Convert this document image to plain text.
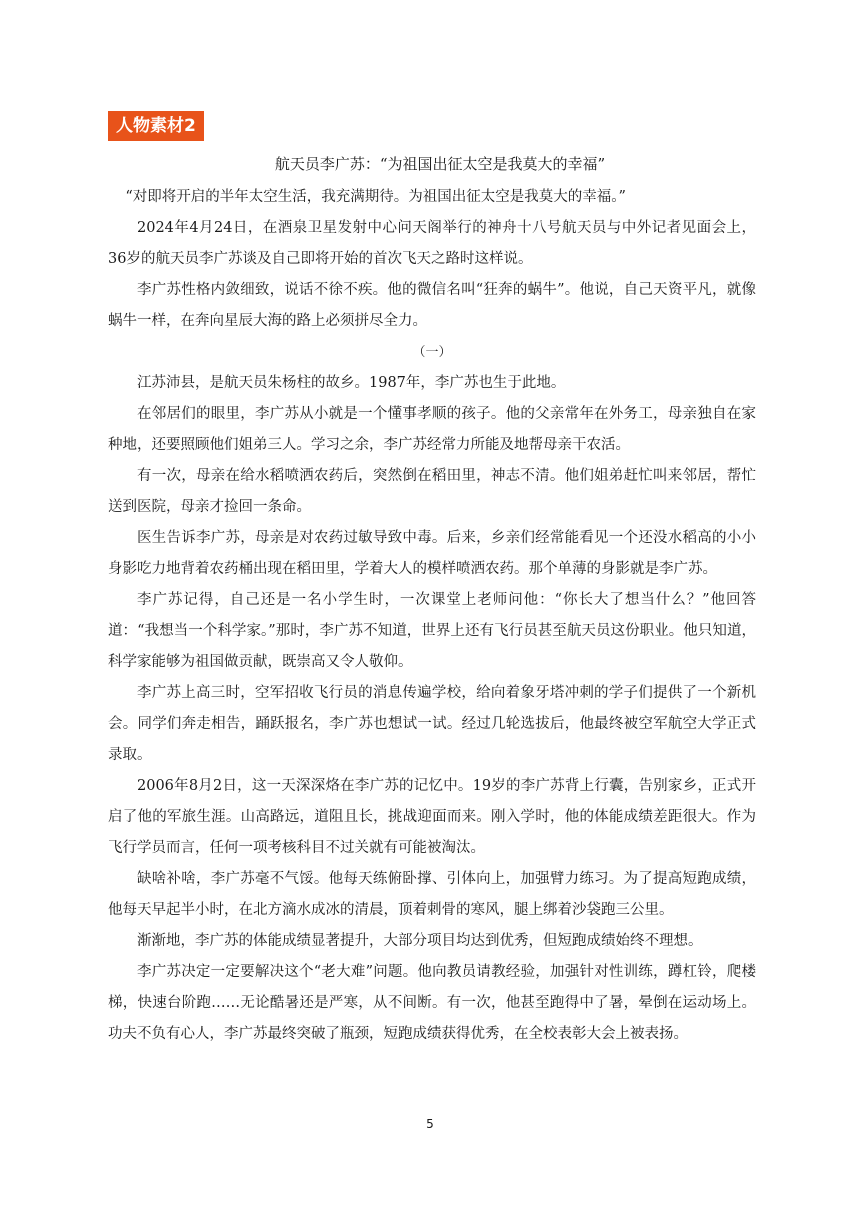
人物素材2
航天员李广苏：“为祖国出征太空是我莫大的幸福”

“对即将开启的半年太空生活，我充满期待。为祖国出征太空是我莫大的幸福。”

2024年4月24日，在酒泉卫星发射中心问天阁举行的神舟十八号航天员与中外记者见面会上，36岁的航天员李广苏谈及自己即将开始的首次飞天之路时这样说。

李广苏性格内敛细致，说话不徐不疾。他的微信名叫“狂奔的蜗牛”。他说，自己天资平凡，就像蜗牛一样，在奔向星辰大海的路上必须拼尽全力。

（一）

江苏沛县，是航天员朱杨柱的故乡。1987年，李广苏也生于此地。

在邻居们的眼里，李广苏从小就是一个懂事孝顺的孩子。他的父亲常年在外务工，母亲独自在家种地，还要照顾他们姐弟三人。学习之余，李广苏经常力所能及地帮母亲干农活。

有一次，母亲在给水稻喷洒农药后，突然倒在稻田里，神志不清。他们姐弟赶忙叫来邻居，帮忙送到医院，母亲才捡回一条命。

医生告诉李广苏，母亲是对农药过敏导致中毒。后来，乡亲们经常能看见一个还没水稻高的小小身影吃力地背着农药桶出现在稻田里，学着大人的模样喷洒农药。那个单薄的身影就是李广苏。

李广苏记得，自己还是一名小学生时，一次课堂上老师问他：“你长大了想当什么？”他回答道：“我想当一个科学家。”那时，李广苏不知道，世界上还有飞行员甚至航天员这份职业。他只知道，科学家能够为祖国做贡献，既崇高又令人敬仰。

李广苏上高三时，空军招收飞行员的消息传遍学校，给向着象牙塔冲刺的学子们提供了一个新机会。同学们奔走相告，踊跃报名，李广苏也想试一试。经过几轮选拔后，他最终被空军航空大学正式录取。

2006年8月2日，这一天深深烙在李广苏的记忆中。19岁的李广苏背上行囊，告别家乡，正式开启了他的军旅生涯。山高路远，道阻且长，挑战迎面而来。刚入学时，他的体能成绩差距很大。作为飞行学员而言，任何一项考核科目不过关就有可能被淘汰。

缺啥补啥，李广苏毫不气馁。他每天练俯卧撑、引体向上，加强臂力练习。为了提高短跑成绩，他每天早起半小时，在北方滴水成冰的清晨，顶着刺骨的寒风，腿上绑着沙袋跑三公里。

渐渐地，李广苏的体能成绩显著提升，大部分项目均达到优秀，但短跑成绩始终不理想。

李广苏决定一定要解决这个“老大难”问题。他向教员请教经验，加强针对性训练，蹲杠铃，爬楼梯，快速台阶跑……无论酷暑还是严寒，从不间断。有一次，他甚至跑得中了暑，晕倒在运动场上。功夫不负有心人，李广苏最终突破了瓶颈，短跑成绩获得优秀，在全校表彰大会上被表扬。

5
